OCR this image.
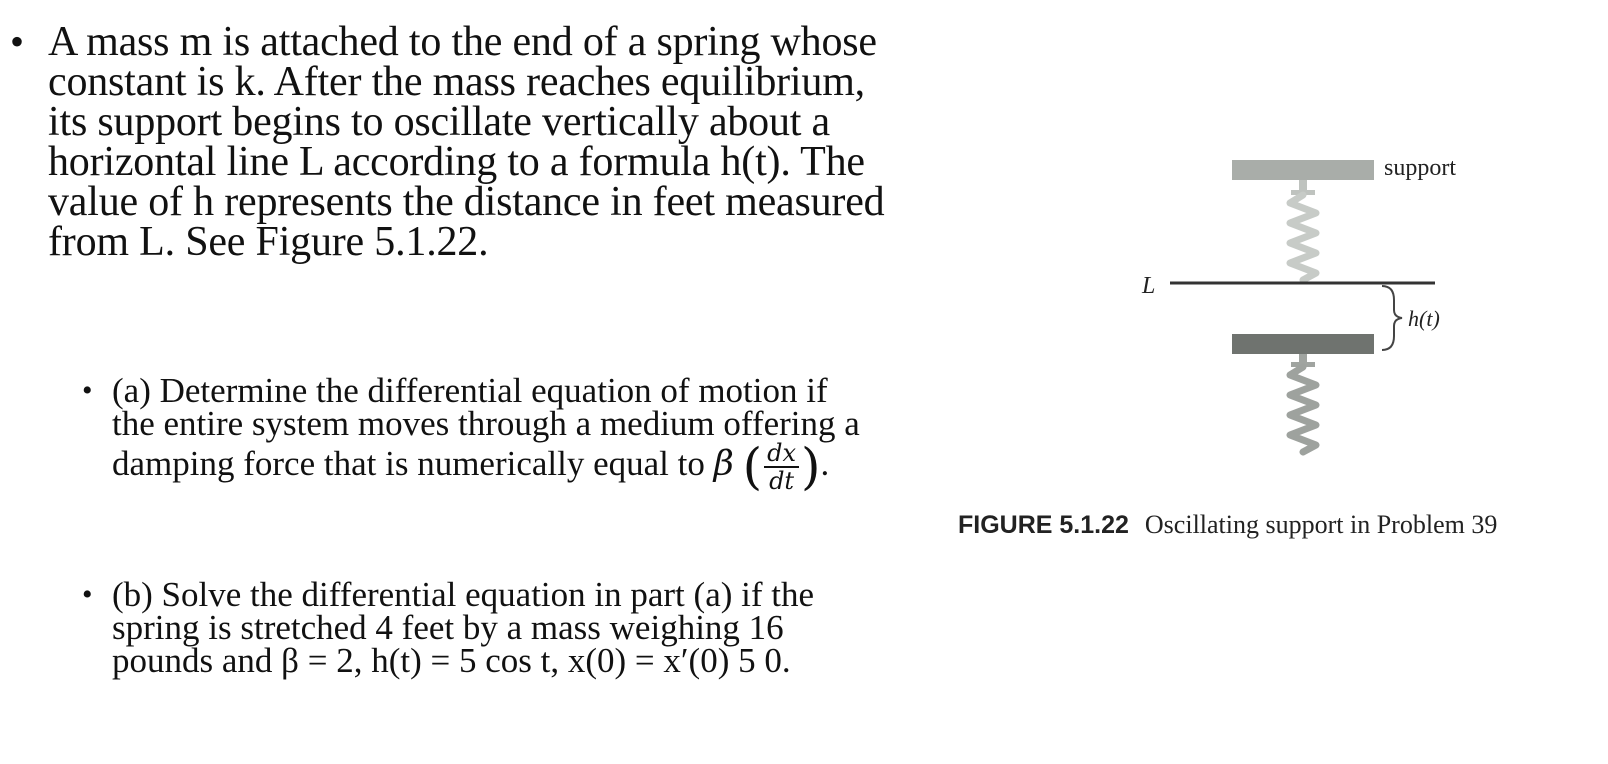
• A mass m is attached to the end of a spring whose constant is k. After the mass reaches equilibrium, its support begins to oscillate vertically about a horizontal line L according to a formula h(t). The value of h represents the distance in feet measured from L. See Figure 5.1.22.
• (a) Determine the differential equation of motion if the entire system moves through a medium offering a damping force that is numerically equal to β ( $\frac{dx}{dt}$ ).
• (b) Solve the differential equation in part (a) if the spring is stretched 4 feet by a mass weighing 16 pounds and β = 2, h(t) = 5 cos t, x(0) = x′(0) 5 0.
support
L
h(t)
FIGURE 5.1.22 Oscillating support in Problem 39
